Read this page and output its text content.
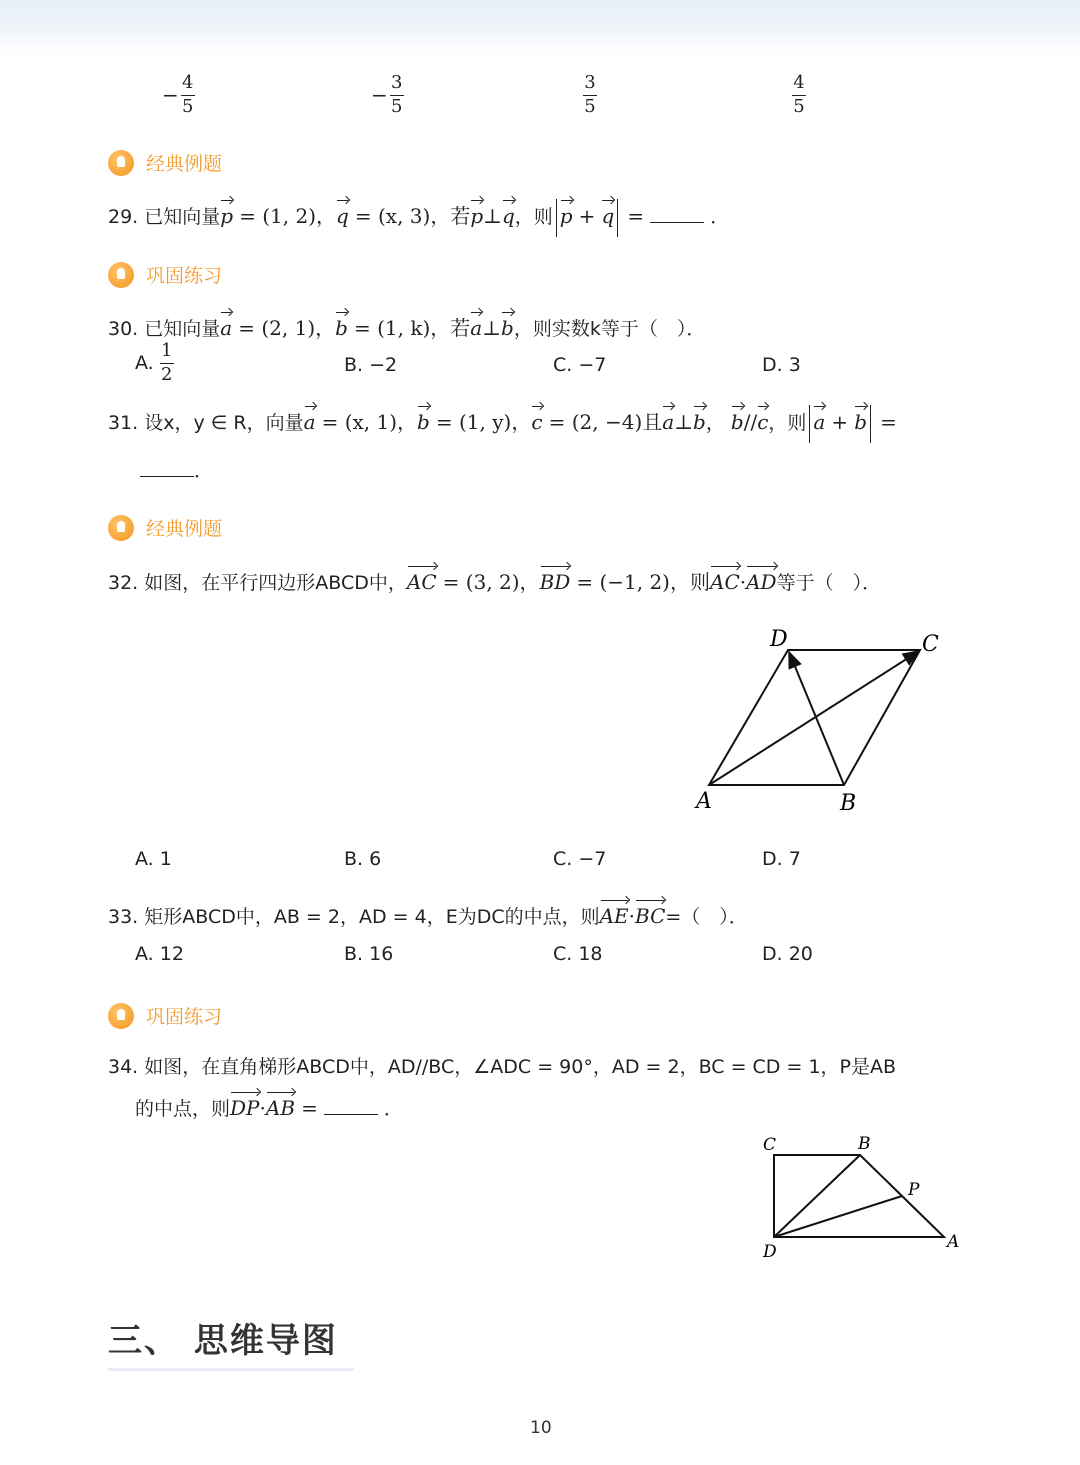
− $\frac{4}{5}$	− $\frac{3}{5}$	$\frac{3}{5}$	$\frac{4}{5}$
经典例题
29. 已知向量p = (1, 2)，q = (x, 3)，若p⊥q，则 p + q =	．
巩固练习
30. 已知向量a = (2, 1)，b = (1, k)，若a⊥b，则实数k等于（　）．
A. $\frac{1}{2}$	B. −2	C. −7	D. 3
31. 设x，y ∈ R，向量a = (x, 1)，b = (1, y)，c = (2, −4)且a⊥b， b//c，则 a + b =
．
经典例题
32. 如图，在平行四边形ABCD中，AC = (3, 2)，BD = (−1, 2)，则AC·AD等于（　）．
A	B
C
D
A. 1	B. 6	C. −7	D. 7
33. 矩形ABCD中，AB = 2，AD = 4，E为DC的中点，则AE·BC=（　）．
A. 12	B. 16	C. 18	D. 20
巩固练习
34. 如图，在直角梯形ABCD中，AD//BC，∠ADC = 90°，AD = 2，BC = CD = 1，P是AB
的中点，则DP·AB =	．
C	B
P
A
D
三、 思维导图
10
